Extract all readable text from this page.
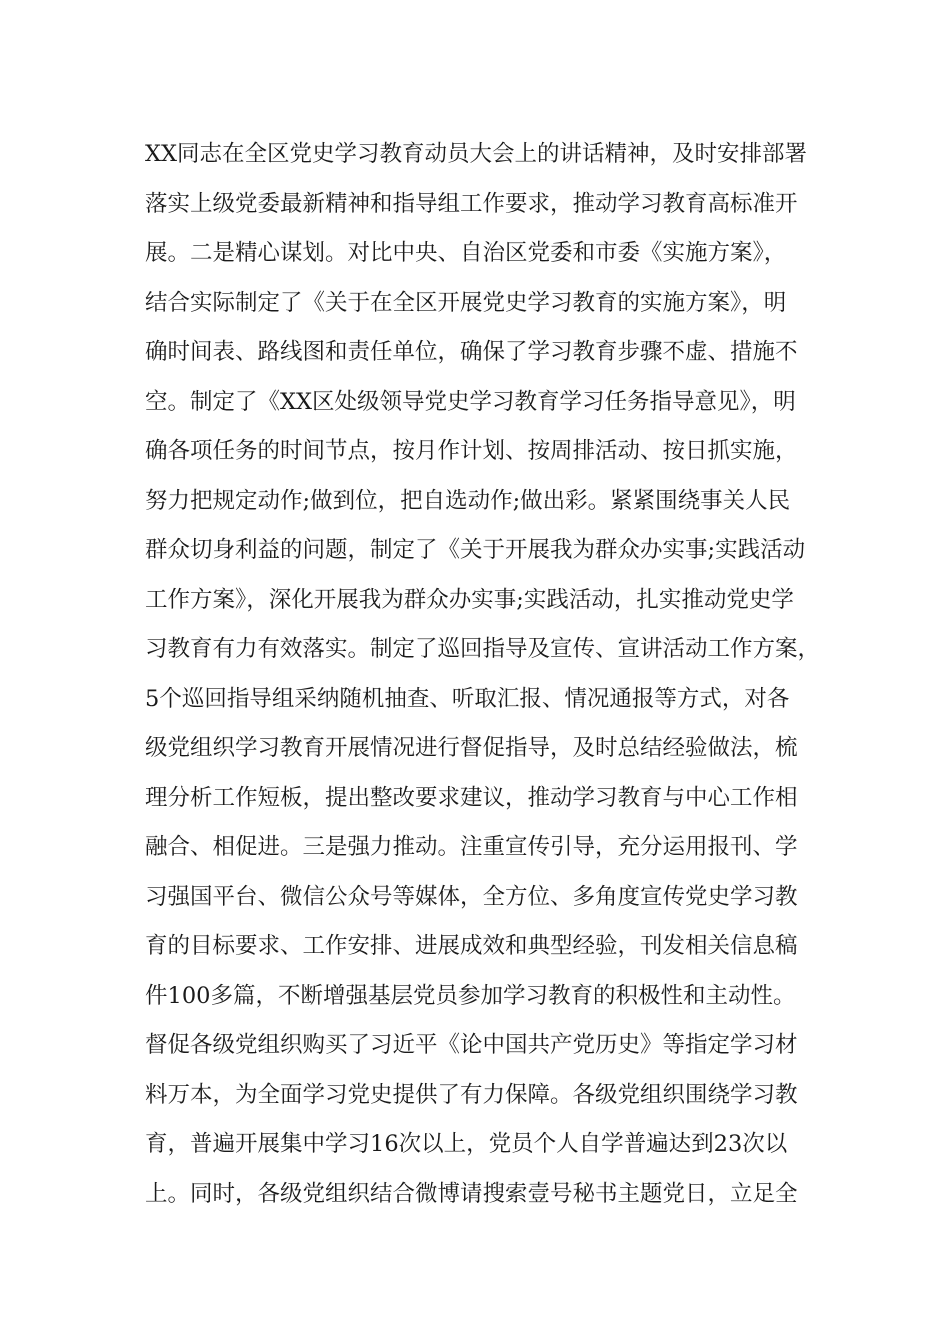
XX同志在全区党史学习教育动员大会上的讲话精神，及时安排部署
落实上级党委最新精神和指导组工作要求，推动学习教育高标准开
展。二是精心谋划。对比中央、自治区党委和市委《实施方案》，
结合实际制定了《关于在全区开展党史学习教育的实施方案》，明
确时间表、路线图和责任单位，确保了学习教育步骤不虚、措施不
空。制定了《XX区处级领导党史学习教育学习任务指导意见》，明
确各项任务的时间节点，按月作计划、按周排活动、按日抓实施，
努力把规定动作;做到位，把自选动作;做出彩。紧紧围绕事关人民
群众切身利益的问题，制定了《关于开展我为群众办实事;实践活动
工作方案》，深化开展我为群众办实事;实践活动，扎实推动党史学
习教育有力有效落实。制定了巡回指导及宣传、宣讲活动工作方案，
5个巡回指导组采纳随机抽查、听取汇报、情况通报等方式，对各
级党组织学习教育开展情况进行督促指导，及时总结经验做法，梳
理分析工作短板，提出整改要求建议，推动学习教育与中心工作相
融合、相促进。三是强力推动。注重宣传引导，充分运用报刊、学
习强国平台、微信公众号等媒体，全方位、多角度宣传党史学习教
育的目标要求、工作安排、进展成效和典型经验，刊发相关信息稿
件100多篇，不断增强基层党员参加学习教育的积极性和主动性。
督促各级党组织购买了习近平《论中国共产党历史》等指定学习材
料万本，为全面学习党史提供了有力保障。各级党组织围绕学习教
育，普遍开展集中学习16次以上，党员个人自学普遍达到23次以
上。同时，各级党组织结合微博请搜索壹号秘书主题党日，立足全
